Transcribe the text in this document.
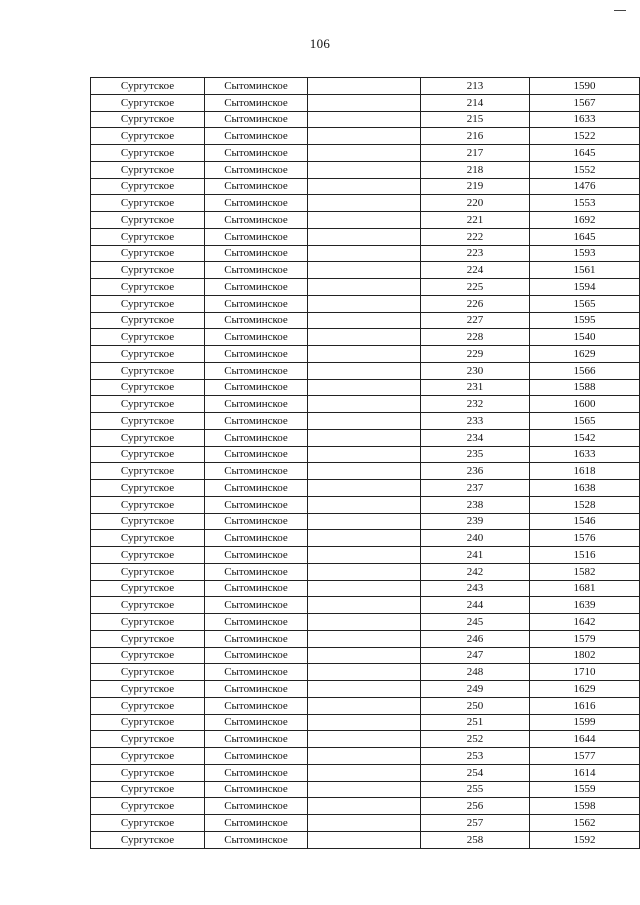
106
Сургутское	Сытоминское		213	1590
Сургутское	Сытоминское		214	1567
Сургутское	Сытоминское		215	1633
Сургутское	Сытоминское		216	1522
Сургутское	Сытоминское		217	1645
Сургутское	Сытоминское		218	1552
Сургутское	Сытоминское		219	1476
Сургутское	Сытоминское		220	1553
Сургутское	Сытоминское		221	1692
Сургутское	Сытоминское		222	1645
Сургутское	Сытоминское		223	1593
Сургутское	Сытоминское		224	1561
Сургутское	Сытоминское		225	1594
Сургутское	Сытоминское		226	1565
Сургутское	Сытоминское		227	1595
Сургутское	Сытоминское		228	1540
Сургутское	Сытоминское		229	1629
Сургутское	Сытоминское		230	1566
Сургутское	Сытоминское		231	1588
Сургутское	Сытоминское		232	1600
Сургутское	Сытоминское		233	1565
Сургутское	Сытоминское		234	1542
Сургутское	Сытоминское		235	1633
Сургутское	Сытоминское		236	1618
Сургутское	Сытоминское		237	1638
Сургутское	Сытоминское		238	1528
Сургутское	Сытоминское		239	1546
Сургутское	Сытоминское		240	1576
Сургутское	Сытоминское		241	1516
Сургутское	Сытоминское		242	1582
Сургутское	Сытоминское		243	1681
Сургутское	Сытоминское		244	1639
Сургутское	Сытоминское		245	1642
Сургутское	Сытоминское		246	1579
Сургутское	Сытоминское		247	1802
Сургутское	Сытоминское		248	1710
Сургутское	Сытоминское		249	1629
Сургутское	Сытоминское		250	1616
Сургутское	Сытоминское		251	1599
Сургутское	Сытоминское		252	1644
Сургутское	Сытоминское		253	1577
Сургутское	Сытоминское		254	1614
Сургутское	Сытоминское		255	1559
Сургутское	Сытоминское		256	1598
Сургутское	Сытоминское		257	1562
Сургутское	Сытоминское		258	1592
